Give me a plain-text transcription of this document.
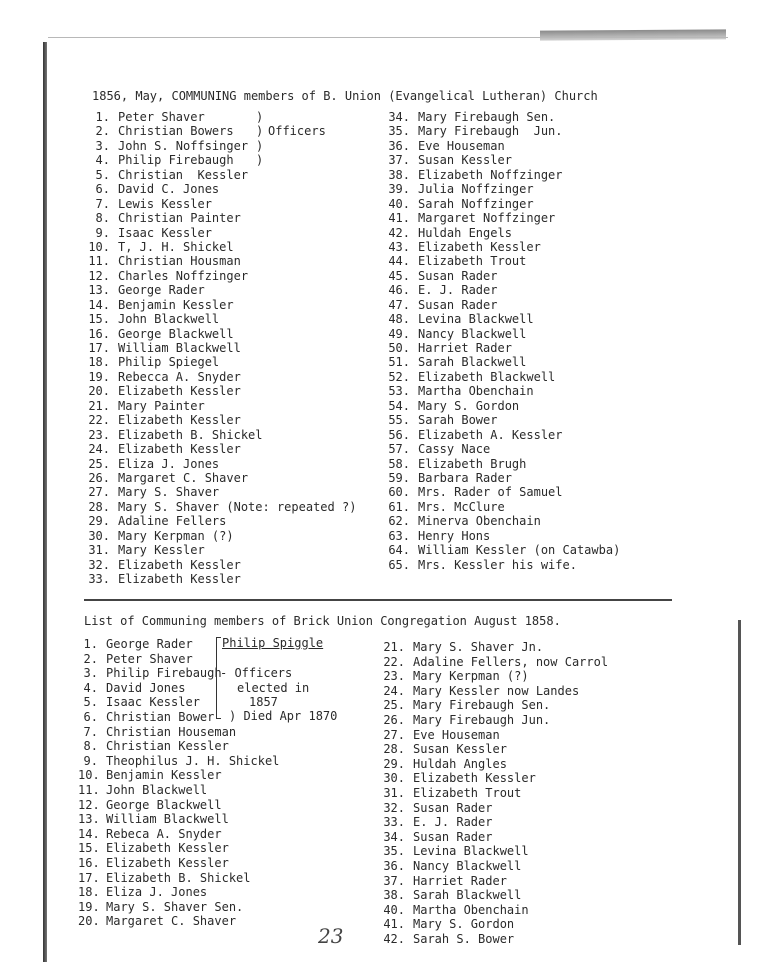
1856, May, COMMUNING members of B. Union (Evangelical Lutheran) Church
)
)
)
)
Officers
1. Peter Shaver
2. Christian Bowers
3. John S. Noffsinger
4. Philip Firebaugh
5. Christian  Kessler
6. David C. Jones
7. Lewis Kessler
8. Christian Painter
9. Isaac Kessler
10. T, J. H. Shickel
11. Christian Housman
12. Charles Noffzinger
13. George Rader
14. Benjamin Kessler
15. John Blackwell
16. George Blackwell
17. William Blackwell
18. Philip Spiegel
19. Rebecca A. Snyder
20. Elizabeth Kessler
21. Mary Painter
22. Elizabeth Kessler
23. Elizabeth B. Shickel
24. Elizabeth Kessler
25. Eliza J. Jones
26. Margaret C. Shaver
27. Mary S. Shaver
28. Mary S. Shaver (Note: repeated ?)
29. Adaline Fellers
30. Mary Kerpman (?)
31. Mary Kessler
32. Elizabeth Kessler
33. Elizabeth Kessler
34. Mary Firebaugh Sen.
35. Mary Firebaugh  Jun.
36. Eve Houseman
37. Susan Kessler
38. Elizabeth Noffzinger
39. Julia Noffzinger
40. Sarah Noffzinger
41. Margaret Noffzinger
42. Huldah Engels
43. Elizabeth Kessler
44. Elizabeth Trout
45. Susan Rader
46. E. J. Rader
47. Susan Rader
48. Levina Blackwell
49. Nancy Blackwell
50. Harriet Rader
51. Sarah Blackwell
52. Elizabeth Blackwell
53. Martha Obenchain
54. Mary S. Gordon
55. Sarah Bower
56. Elizabeth A. Kessler
57. Cassy Nace
58. Elizabeth Brugh
59. Barbara Rader
60. Mrs. Rader of Samuel
61. Mrs. McClure
62. Minerva Obenchain
63. Henry Hons
64. William Kessler (on Catawba)
65. Mrs. Kessler his wife.
List of Communing members of Brick Union Congregation August 1858.
1. George Rader
2. Peter Shaver
3. Philip Firebaugh
4. David Jones
5. Isaac Kessler
6. Christian Bower
7. Christian Houseman
8. Christian Kessler
9. Theophilus J. H. Shickel
10. Benjamin Kessler
11. John Blackwell
12. George Blackwell
13. William Blackwell
14. Rebeca A. Snyder
15. Elizabeth Kessler
16. Elizabeth Kessler
17. Elizabeth B. Shickel
18. Eliza J. Jones
19. Mary S. Shaver Sen.
20. Margaret C. Shaver
21. Mary S. Shaver Jn.
22. Adaline Fellers, now Carrol
23. Mary Kerpman (?)
24. Mary Kessler now Landes
25. Mary Firebaugh Sen.
26. Mary Firebaugh Jun.
27. Eve Houseman
28. Susan Kessler
29. Huldah Angles
30. Elizabeth Kessler
31. Elizabeth Trout
32. Susan Rader
33. E. J. Rader
34. Susan Rader
35. Levina Blackwell
36. Nancy Blackwell
37. Harriet Rader
38. Sarah Blackwell
40. Martha Obenchain
41. Mary S. Gordon
42. Sarah S. Bower
Philip Spiggle
- Officers
elected in
1857
) Died Apr 1870
23
